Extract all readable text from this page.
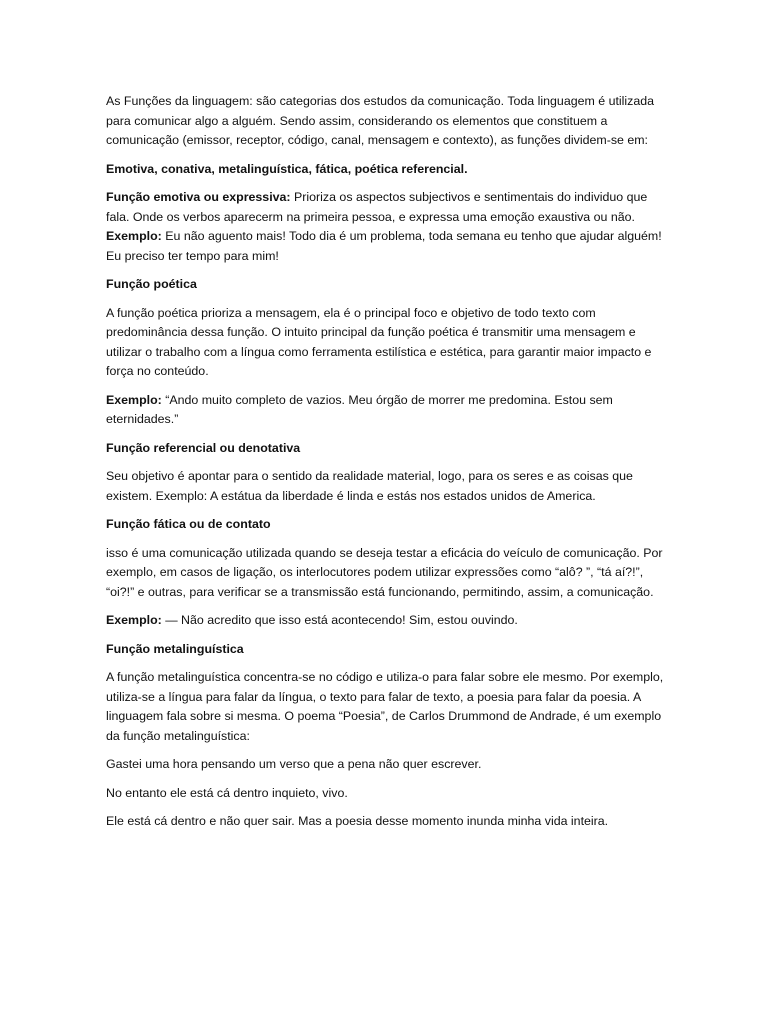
As Funções da linguagem: são categorias dos estudos da comunicação. Toda linguagem é utilizada para comunicar algo a alguém. Sendo assim, considerando os elementos que constituem a comunicação (emissor, receptor, código, canal, mensagem e contexto), as funções dividem-se em:

Emotiva, conativa, metalinguística, fática, poética referencial.

Função emotiva ou expressiva: Prioriza os aspectos subjectivos e sentimentais do individuo que fala. Onde os verbos aparecerm na primeira pessoa, e expressa uma emoção exaustiva ou não.
Exemplo: Eu não aguento mais! Todo dia é um problema, toda semana eu tenho que ajudar alguém! Eu preciso ter tempo para mim!

Função poética

A função poética prioriza a mensagem, ela é o principal foco e objetivo de todo texto com predominância dessa função. O intuito principal da função poética é transmitir uma mensagem e utilizar o trabalho com a língua como ferramenta estilística e estética, para garantir maior impacto e força no conteúdo.

Exemplo: “Ando muito completo de vazios. Meu órgão de morrer me predomina. Estou sem eternidades.”

Função referencial ou denotativa

Seu objetivo é apontar para o sentido da realidade material, logo, para os seres e as coisas que existem. Exemplo: A estátua da liberdade é linda e estás nos estados unidos de America.

Função fática ou de contato

isso é uma comunicação utilizada quando se deseja testar a eficácia do veículo de comunicação. Por exemplo, em casos de ligação, os interlocutores podem utilizar expressões como “alô? ”, “tá aí?!”, “oi?!” e outras, para verificar se a transmissão está funcionando, permitindo, assim, a comunicação.

Exemplo: — Não acredito que isso está acontecendo! Sim, estou ouvindo.

Função metalinguística

A função metalinguística concentra-se no código e utiliza-o para falar sobre ele mesmo. Por exemplo, utiliza-se a língua para falar da língua, o texto para falar de texto, a poesia para falar da poesia. A linguagem fala sobre si mesma. O poema “Poesia”, de Carlos Drummond de Andrade, é um exemplo da função metalinguística:

Gastei uma hora pensando um verso que a pena não quer escrever.

No entanto ele está cá dentro inquieto, vivo.

Ele está cá dentro e não quer sair. Mas a poesia desse momento inunda minha vida inteira.
